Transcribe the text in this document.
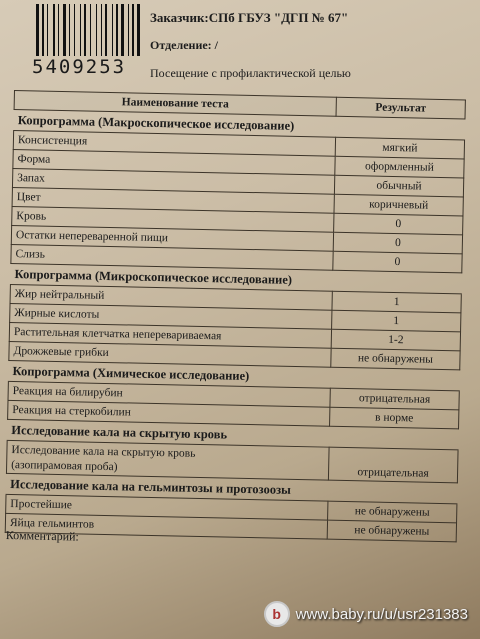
5409253
Заказчик:СПб ГБУЗ "ДГП № 67"
Отделение: /
Посещение с профилактической целью
Наименование теста	Результат
Копрограмма (Макроскопическое исследование)	
Консистенция	мягкий
Форма	оформленный
Запах	обычный
Цвет	коричневый
Кровь	0
Остатки непереваренной пищи	0
Слизь	0
Копрограмма (Микроскопическое исследование)	
Жир нейтральный	1
Жирные кислоты	1
Растительная клетчатка неперевариваемая	1-2
Дрожжевые грибки	не обнаружены
Копрограмма (Химическое исследование)	
Реакция на билирубин	отрицательная
Реакция на стеркобилин	в норме
Исследование кала на скрытую кровь	
Исследование кала на скрытую кровь
(азопирамовая проба)	отрицательная
Исследование кала на гельминтозы и протозоозы	
Простейшие	не обнаружены
Яйца гельминтов	не обнаружены
Комментарий:
b www.baby.ru/u/usr231383
